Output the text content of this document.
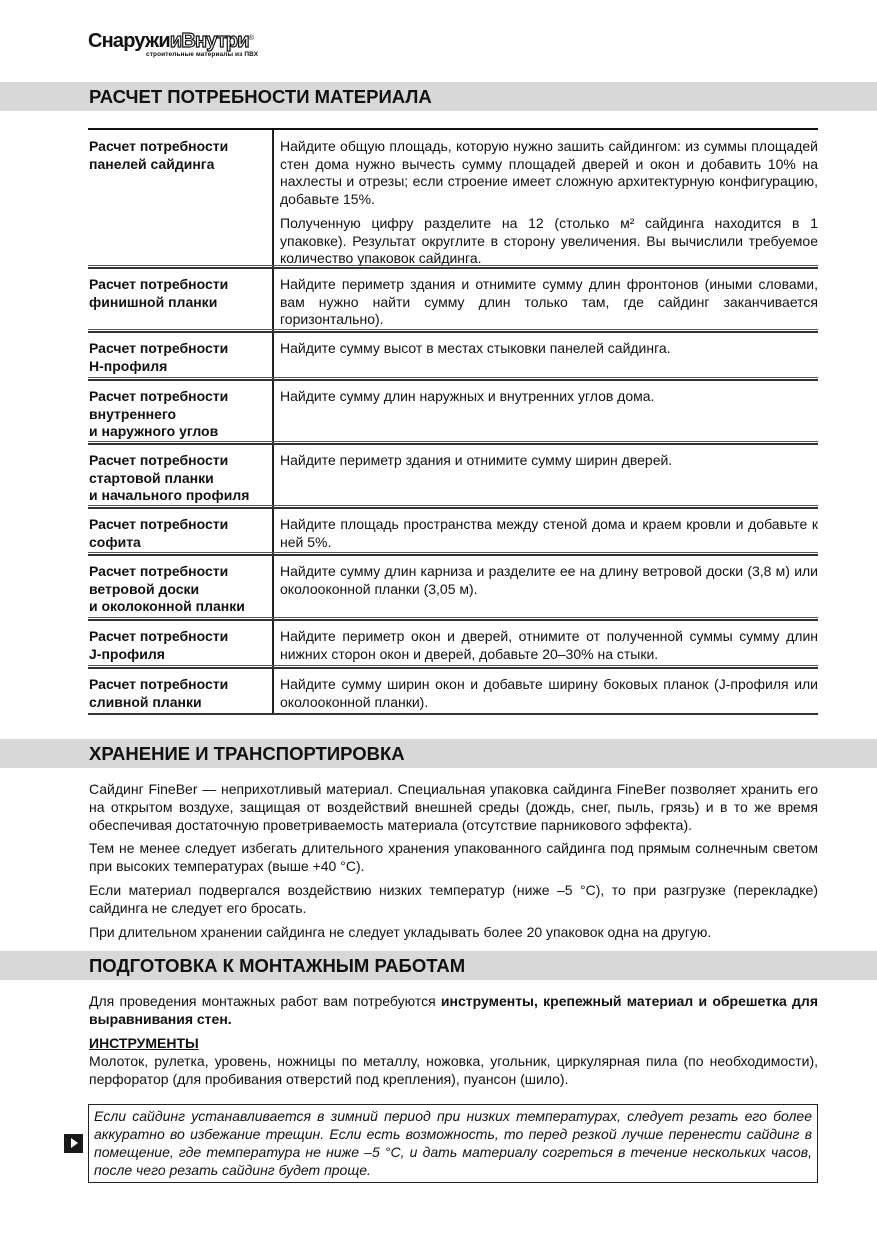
СнаружииВнутри®
строительные материалы из ПВХ
РАСЧЕТ ПОТРЕБНОСТИ МАТЕРИАЛА
Расчет потребности
панелей сайдинга

Найдите общую площадь, которую нужно зашить сайдингом: из суммы площадей стен дома нужно вычесть сумму площадей дверей и окон и добавить 10% на нахлесты и отрезы; если строение имеет сложную архитектурную конфигурацию, добавьте 15%.

Полученную цифру разделите на 12 (столько м² сайдинга находится в 1 упаковке). Результат округлите в сторону увеличения. Вы вычислили требуемое количество упаковок сайдинга.

Расчет потребности
финишной планки

Найдите периметр здания и отнимите сумму длин фронтонов (иными словами, вам нужно найти сумму длин только там, где сайдинг заканчивается горизонтально).

Расчет потребности
Н-профиля

Найдите сумму высот в местах стыковки панелей сайдинга.

Расчет потребности
внутреннего
и наружного углов

Найдите сумму длин наружных и внутренних углов дома.

Расчет потребности
стартовой планки
и начального профиля

Найдите периметр здания и отнимите сумму ширин дверей.

Расчет потребности
софита

Найдите площадь пространства между стеной дома и краем кровли и добавьте к ней 5%.

Расчет потребности
ветровой доски
и околоконной планки

Найдите сумму длин карниза и разделите ее на длину ветровой доски (3,8 м) или околооконной планки (3,05 м).

Расчет потребности
J-профиля

Найдите периметр окон и дверей, отнимите от полученной суммы сумму длин нижних сторон окон и дверей, добавьте 20–30% на стыки.

Расчет потребности
сливной планки

Найдите сумму ширин окон и добавьте ширину боковых планок (J-профиля или околооконной планки).

ХРАНЕНИЕ И ТРАНСПОРТИРОВКА

Сайдинг FineBer — неприхотливый материал. Специальная упаковка сайдинга FineBer позволяет хранить его на открытом воздухе, защищая от воздействий внешней среды (дождь, снег, пыль, грязь) и в то же время обеспечивая достаточную проветриваемость материала (отсутствие парникового эффекта).

Тем не менее следует избегать длительного хранения упакованного сайдинга под прямым солнечным светом при высоких температурах (выше +40 °С).

Если материал подвергался воздействию низких температур (ниже –5 °С), то при разгрузке (перекладке) сайдинга не следует его бросать.

При длительном хранении сайдинга не следует укладывать более 20 упаковок одна на другую.

ПОДГОТОВКА К МОНТАЖНЫМ РАБОТАМ

Для проведения монтажных работ вам потребуются инструменты, крепежный материал и обрешетка для выравнивания стен.

ИНСТРУМЕНТЫ

Молоток, рулетка, уровень, ножницы по металлу, ножовка, угольник, циркулярная пила (по необходимости), перфоратор (для пробивания отверстий под крепления), пуансон (шило).

Если сайдинг устанавливается в зимний период при низких температурах, следует резать его более аккуратно во избежание трещин. Если есть возможность, то перед резкой лучше перенести сайдинг в помещение, где температура не ниже –5 °С, и дать материалу согреться в течение нескольких часов, после чего резать сайдинг будет проще.
